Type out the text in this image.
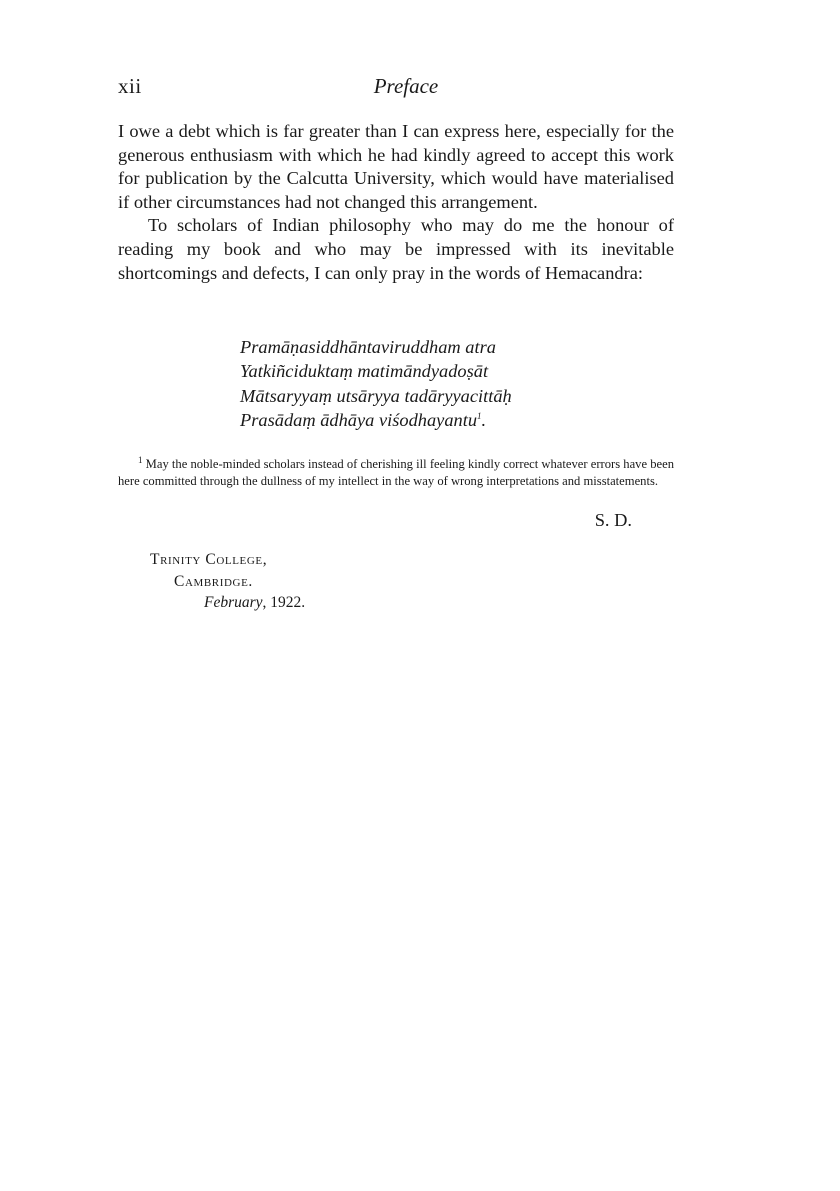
xii	Preface

I owe a debt which is far greater than I can express here, especially for the generous enthusiasm with which he had kindly agreed to accept this work for publication by the Calcutta University, which would have materialised if other circumstances had not changed this arrangement.

To scholars of Indian philosophy who may do me the honour of reading my book and who may be impressed with its inevitable shortcomings and defects, I can only pray in the words of Hemacandra:

Pramāṇasiddhāntaviruddham atra
Yatkiñciduktaṃ matimāndyadoṣāt
Mātsaryyaṃ utsāryya tadāryyacittāḥ
Prasādaṃ ādhāya viśodhayantu$^1$.
$^1$ May the noble-minded scholars instead of cherishing ill feeling kindly correct whatever errors have been here committed through the dullness of my intellect in the way of wrong interpretations and misstatements.
S. D.
Trinity College,
Cambridge.
February, 1922.
